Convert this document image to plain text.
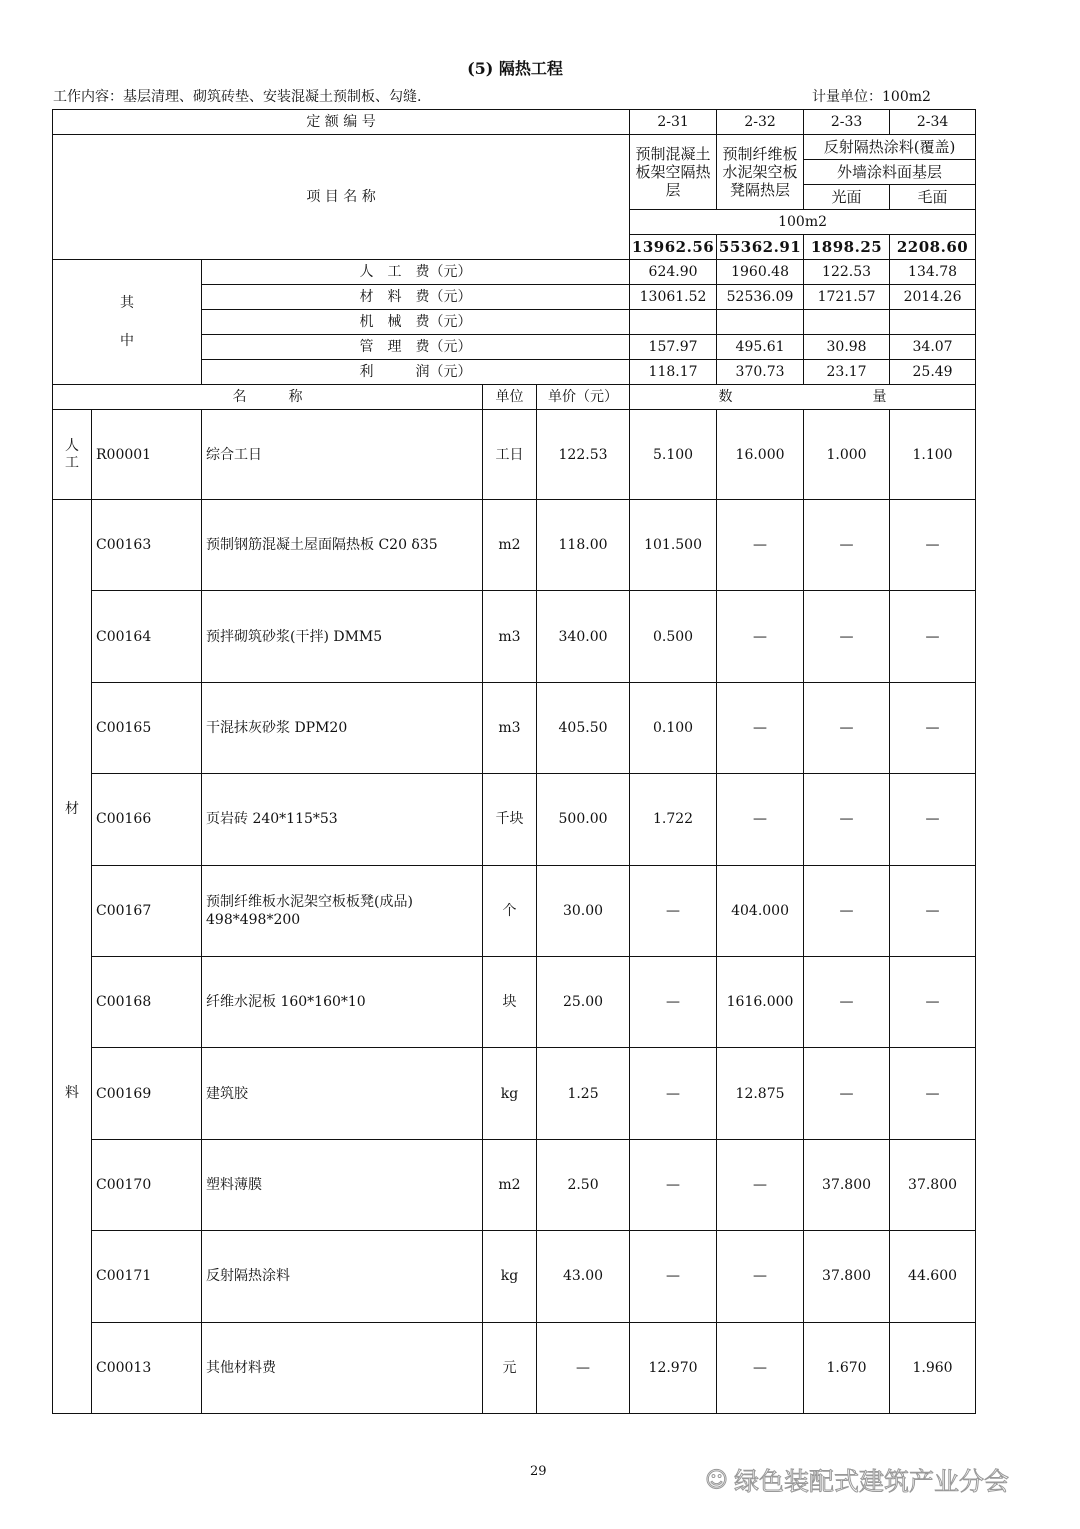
(5) 隔热工程
工作内容：基层清理、砌筑砖垫、安装混凝土预制板、勾缝.	计量单位：100m2
定 额 编 号					2-31	2-32	2-33	2-34
项 目 名 称					预制混凝土板架空隔热层	预制纤维板水泥架空板凳隔热层	反射隔热涂料(覆盖)	
							外墙涂料面基层	
							光面	毛面
					100m2			
					13962.56	55362.91	1898.25	2208.60

其
中		人　工　费（元）			624.90	1960.48	122.53	134.78
		材　料　费（元）			13061.52	52536.09	1721.57	2014.26
		机　械　费（元）						
		管　理　费（元）			157.97	495.61	30.98	34.07
		利　　　润（元）			118.17	370.73	23.17	25.49
名　　　称			单位	单价（元）	数　　　　　　　　　　量			
人工	R00001	综合工日	工日	122.53	5.100	16.000	1.000	1.100

材
料	C00163	预制钢筋混凝土屋面隔热板 C20 δ35	m2	118.00	101.500	—	—	—
	C00164	预拌砌筑砂浆(干拌) DMM5	m3	340.00	0.500	—	—	—
	C00165	干混抹灰砂浆 DPM20	m3	405.50	0.100	—	—	—
	C00166	页岩砖 240*115*53	千块	500.00	1.722	—	—	—
	C00167	预制纤维板水泥架空板板凳(成品) 498*498*200	个	30.00	—	404.000	—	—
	C00168	纤维水泥板 160*160*10	块	25.00	—	1616.000	—	—
	C00169	建筑胶	kg	1.25	—	12.875	—	—
	C00170	塑料薄膜	m2	2.50	—	—	37.800	37.800
	C00171	反射隔热涂料	kg	43.00	—	—	37.800	44.600
	C00013	其他材料费	元	—	12.970	—	1.670	1.960
29	☺ 绿色装配式建筑产业分会
